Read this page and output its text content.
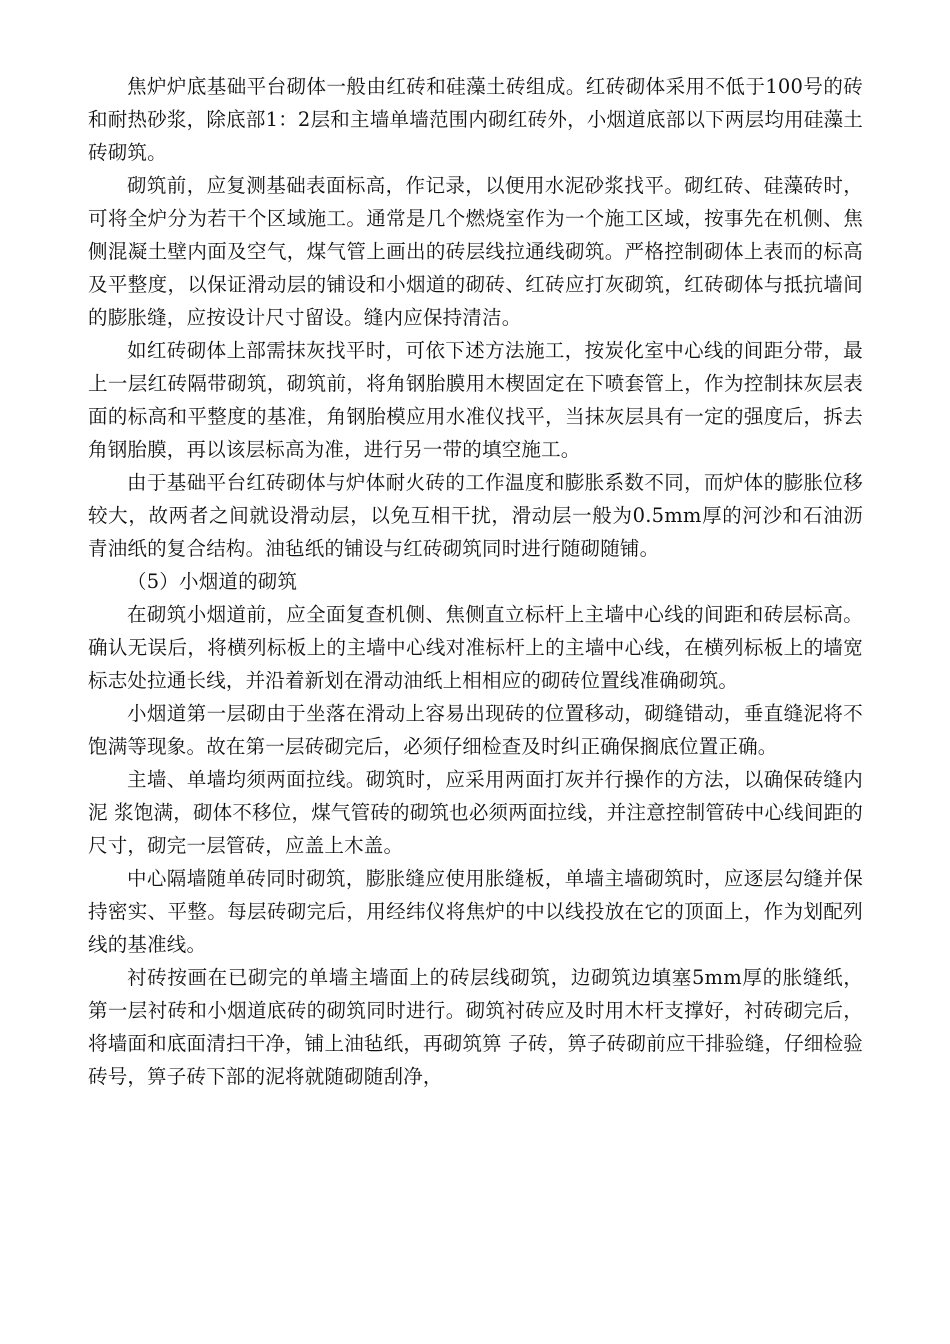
焦炉炉底基础平台砌体一般由红砖和硅藻土砖组成。红砖砌体采用不低于100号的砖和耐热砂浆，除底部1：2层和主墙单墙范围内砌红砖外，小烟道底部以下两层均用硅藻土砖砌筑。

砌筑前，应复测基础表面标高，作记录，以便用水泥砂浆找平。砌红砖、硅藻砖时，可将全炉分为若干个区域施工。通常是几个燃烧室作为一个施工区域，按事先在机侧、焦侧混凝土壁内面及空气，煤气管上画出的砖层线拉通线砌筑。严格控制砌体上表而的标高及平整度，以保证滑动层的铺设和小烟道的砌砖、红砖应打灰砌筑，红砖砌体与抵抗墙间的膨胀缝，应按设计尺寸留设。缝内应保持清洁。

如红砖砌体上部需抹灰找平时，可依下述方法施工，按炭化室中心线的间距分带，最上一层红砖隔带砌筑，砌筑前，将角钢胎膜用木楔固定在下喷套管上，作为控制抹灰层表面的标高和平整度的基准，角钢胎模应用水准仪找平，当抹灰层具有一定的强度后，拆去角钢胎膜，再以该层标高为准，进行另一带的填空施工。

由于基础平台红砖砌体与炉体耐火砖的工作温度和膨胀系数不同，而炉体的膨胀位移较大，故两者之间就设滑动层，以免互相干扰，滑动层一般为0.5mm厚的河沙和石油沥青油纸的复合结构。油毡纸的铺设与红砖砌筑同时进行随砌随铺。

（5）小烟道的砌筑

在砌筑小烟道前，应全面复查机侧、焦侧直立标杆上主墙中心线的间距和砖层标高。确认无误后，将横列标板上的主墙中心线对准标杆上的主墙中心线，在横列标板上的墙宽标志处拉通长线，并沿着新划在滑动油纸上相相应的砌砖位置线准确砌筑。

小烟道第一层砌由于坐落在滑动上容易出现砖的位置移动，砌缝错动，垂直缝泥将不饱满等现象。故在第一层砖砌完后，必须仔细检查及时纠正确保搁底位置正确。

主墙、单墙均须两面拉线。砌筑时，应采用两面打灰并行操作的方法，以确保砖缝内泥 浆饱满，砌体不移位，煤气管砖的砌筑也必须两面拉线，并注意控制管砖中心线间距的尺寸，砌完一层管砖，应盖上木盖。

中心隔墙随单砖同时砌筑，膨胀缝应使用胀缝板，单墙主墙砌筑时，应逐层勾缝并保持密实、平整。每层砖砌完后，用经纬仪将焦炉的中以线投放在它的顶面上，作为划配列线的基准线。

衬砖按画在已砌完的单墙主墙面上的砖层线砌筑，边砌筑边填塞5mm厚的胀缝纸，第一层衬砖和小烟道底砖的砌筑同时进行。砌筑衬砖应及时用木杆支撑好，衬砖砌完后，将墙面和底面清扫干净，铺上油毡纸，再砌筑箅 子砖，箅子砖砌前应干排验缝，仔细检验砖号，箅子砖下部的泥将就随砌随刮净，
